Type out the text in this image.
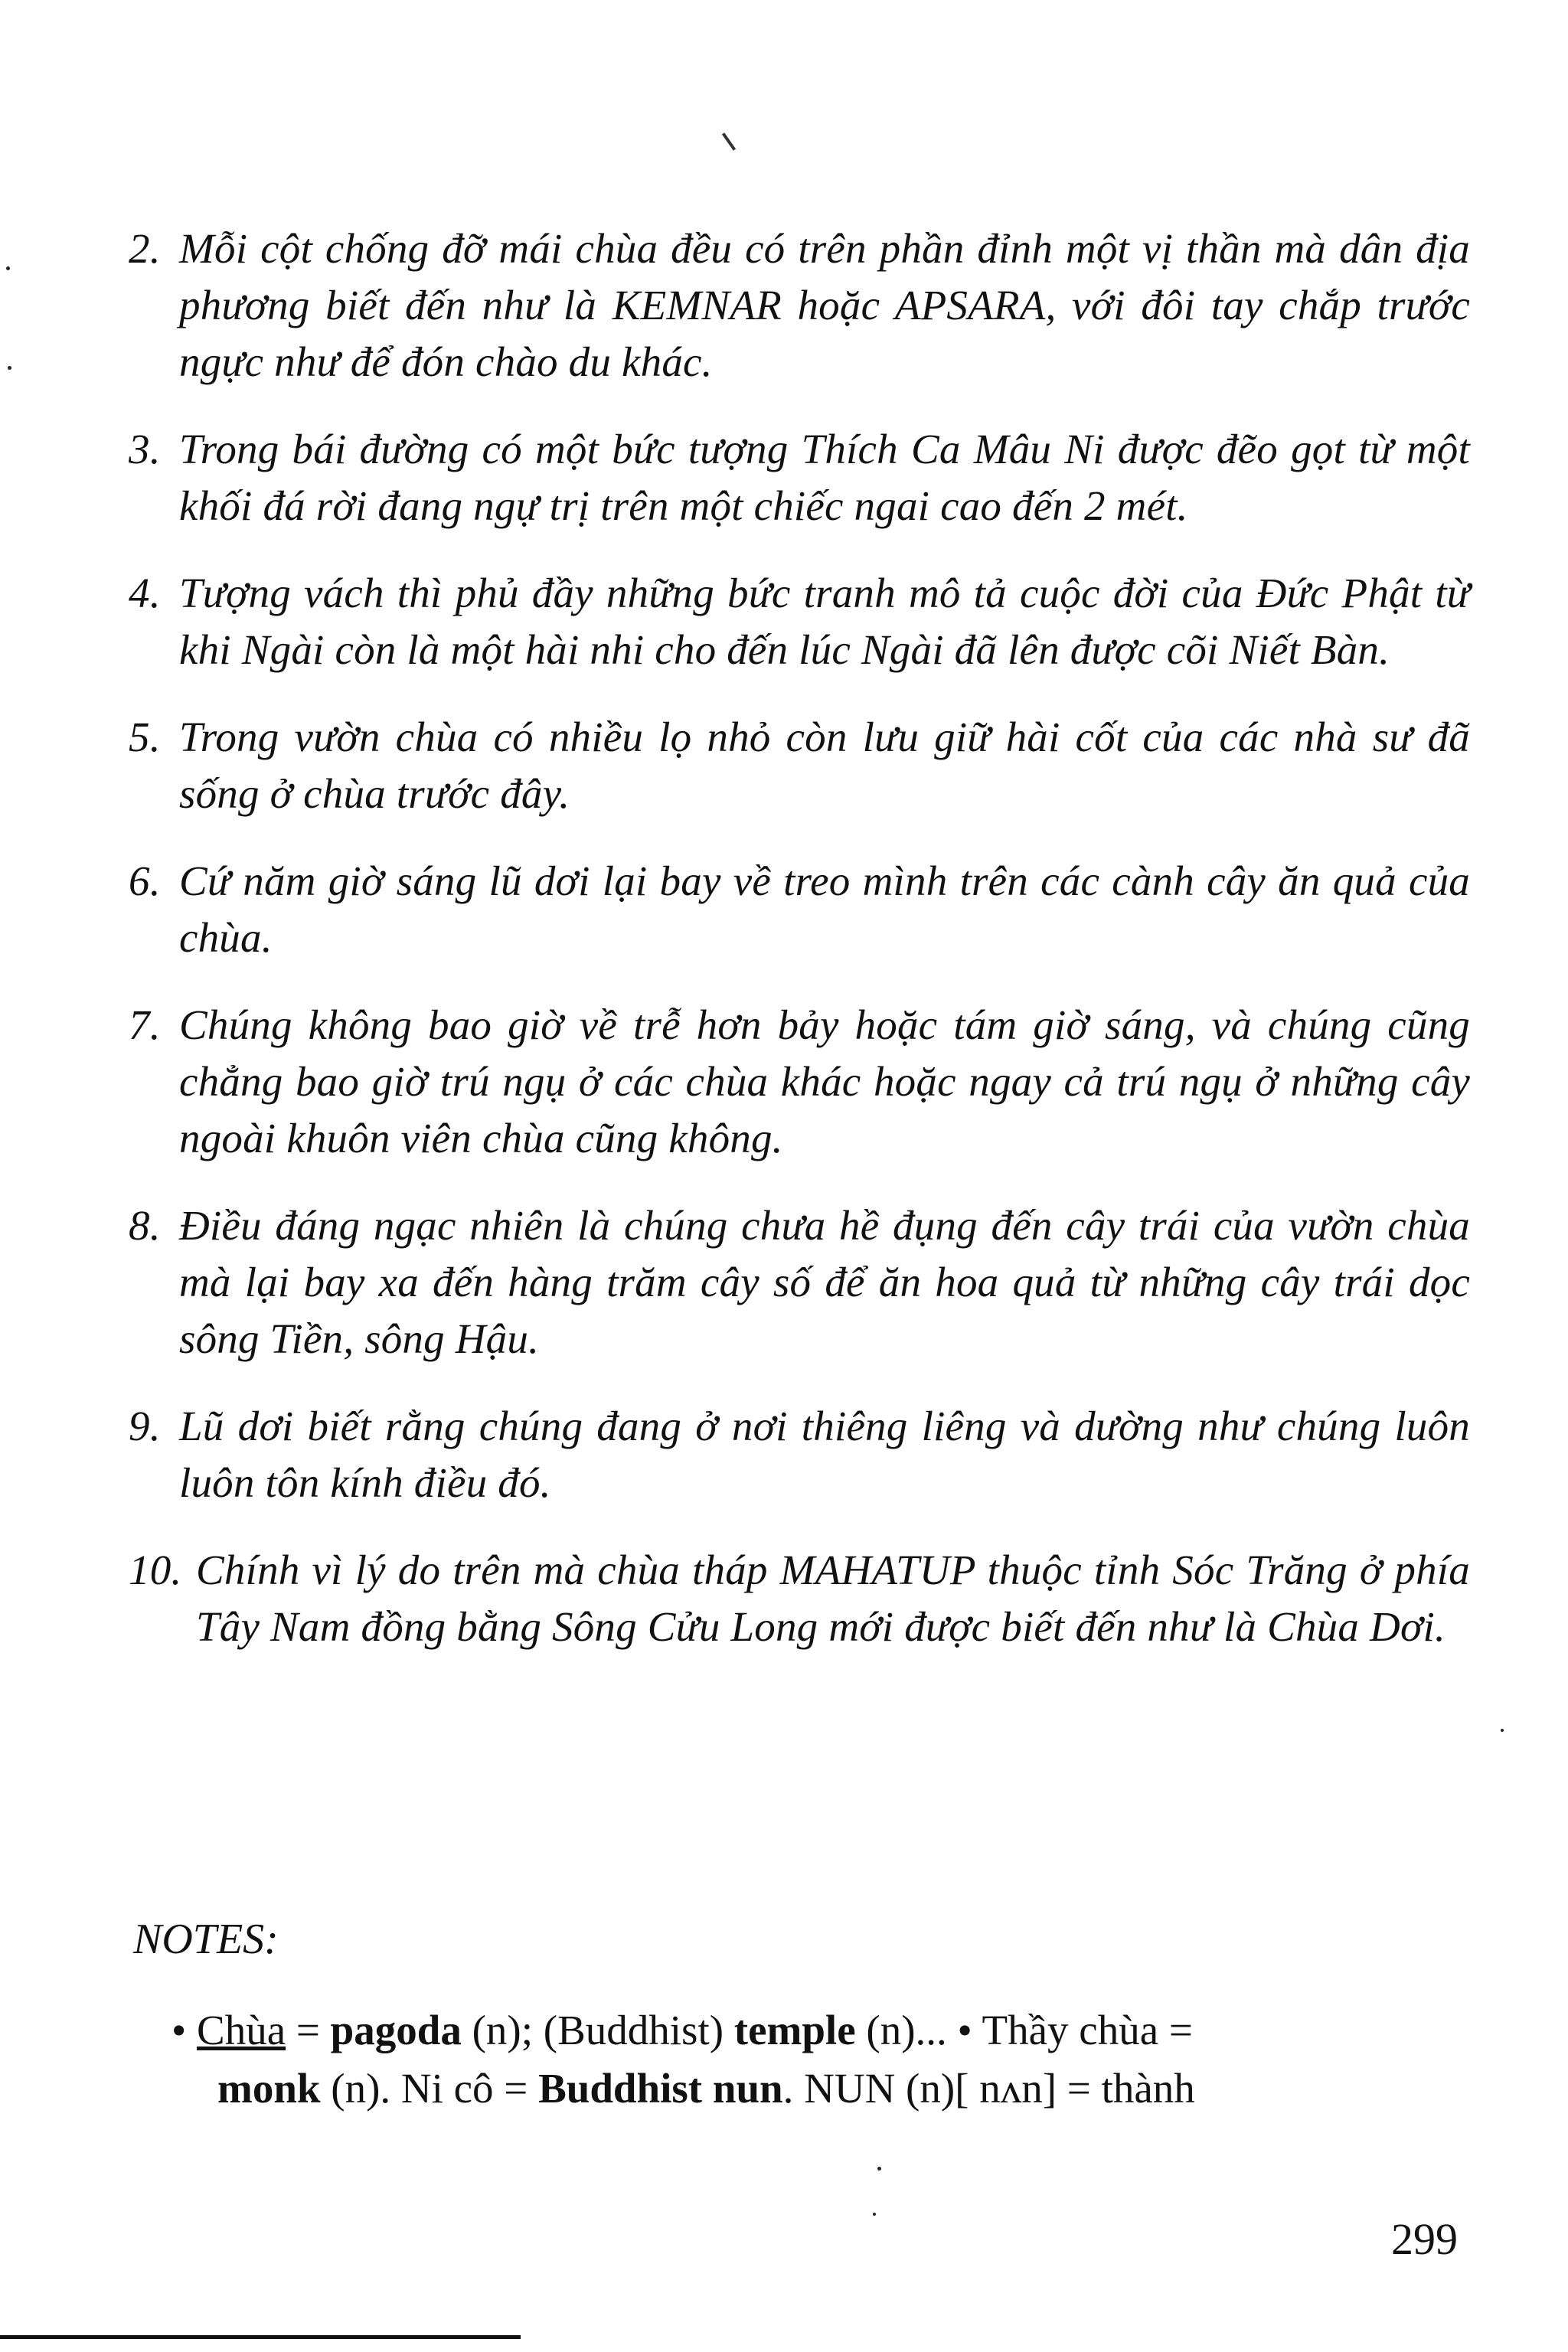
2. Mỗi cột chống đỡ mái chùa đều có trên phần đỉnh một vị thần mà dân địa phương biết đến như là KEMNAR hoặc APSARA, với đôi tay chắp trước ngực như để đón chào du khác.
3. Trong bái đường có một bức tượng Thích Ca Mâu Ni được đẽo gọt từ một khối đá rời đang ngự trị trên một chiếc ngai cao đến 2 mét.
4. Tượng vách thì phủ đầy những bức tranh mô tả cuộc đời của Đức Phật từ khi Ngài còn là một hài nhi cho đến lúc Ngài đã lên được cõi Niết Bàn.
5. Trong vườn chùa có nhiều lọ nhỏ còn lưu giữ hài cốt của các nhà sư đã sống ở chùa trước đây.
6. Cứ năm giờ sáng lũ dơi lại bay về treo mình trên các cành cây ăn quả của chùa.
7. Chúng không bao giờ về trễ hơn bảy hoặc tám giờ sáng, và chúng cũng chẳng bao giờ trú ngụ ở các chùa khác hoặc ngay cả trú ngụ ở những cây ngoài khuôn viên chùa cũng không.
8. Điều đáng ngạc nhiên là chúng chưa hề đụng đến cây trái của vườn chùa mà lại bay xa đến hàng trăm cây số để ăn hoa quả từ những cây trái dọc sông Tiền, sông Hậu.
9. Lũ dơi biết rằng chúng đang ở nơi thiêng liêng và dường như chúng luôn luôn tôn kính điều đó.
10. Chính vì lý do trên mà chùa tháp MAHATUP thuộc tỉnh Sóc Trăng ở phía Tây Nam đồng bằng Sông Cửu Long mới được biết đến như là Chùa Dơi.
NOTES:

• Chùa = pagoda (n); (Buddhist) temple (n)... • Thầy chùa =
monk (n). Ni cô = Buddhist nun. NUN (n)[ nʌn] = thành

299
